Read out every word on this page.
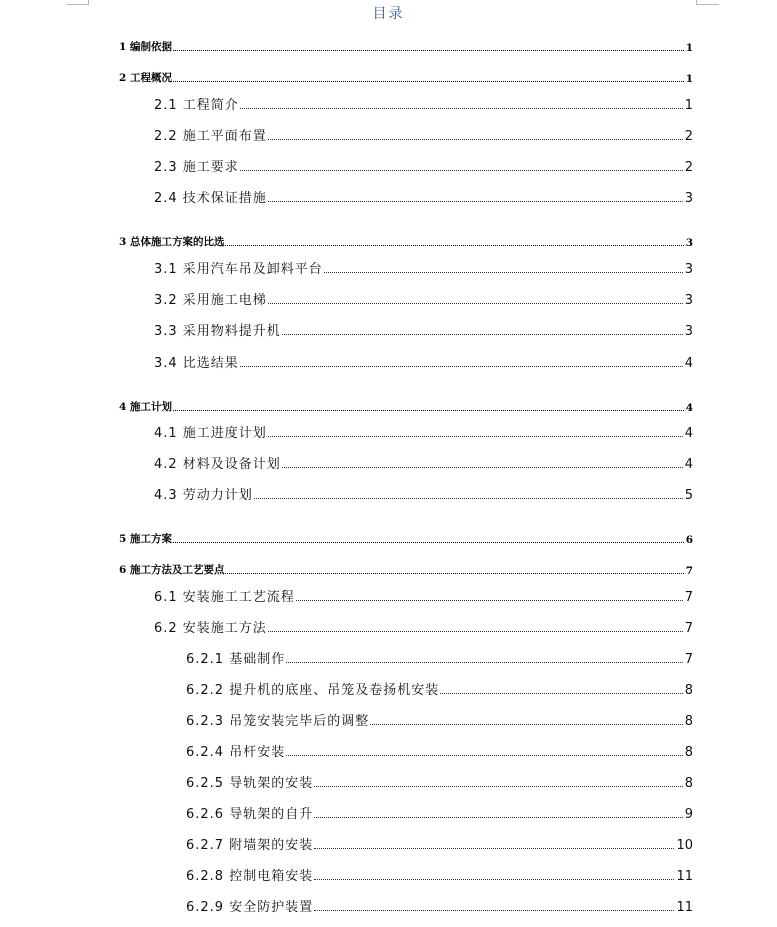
目录
1 编制依据	1
2 工程概况	1
2.1 工程简介	1
2.2 施工平面布置	2
2.3 施工要求	2
2.4 技术保证措施	3
3 总体施工方案的比选	3
3.1 采用汽车吊及卸料平台	3
3.2 采用施工电梯	3
3.3 采用物料提升机	3
3.4 比选结果	4
4 施工计划	4
4.1 施工进度计划	4
4.2 材料及设备计划	4
4.3 劳动力计划	5
5 施工方案	6
6 施工方法及工艺要点	7
6.1 安装施工工艺流程	7
6.2 安装施工方法	7
6.2.1 基础制作	7
6.2.2 提升机的底座、吊笼及卷扬机安装	8
6.2.3 吊笼安装完毕后的调整	8
6.2.4 吊杆安装	8
6.2.5 导轨架的安装	8
6.2.6 导轨架的自升	9
6.2.7 附墙架的安装	10
6.2.8 控制电箱安装	11
6.2.9 安全防护装置	11
